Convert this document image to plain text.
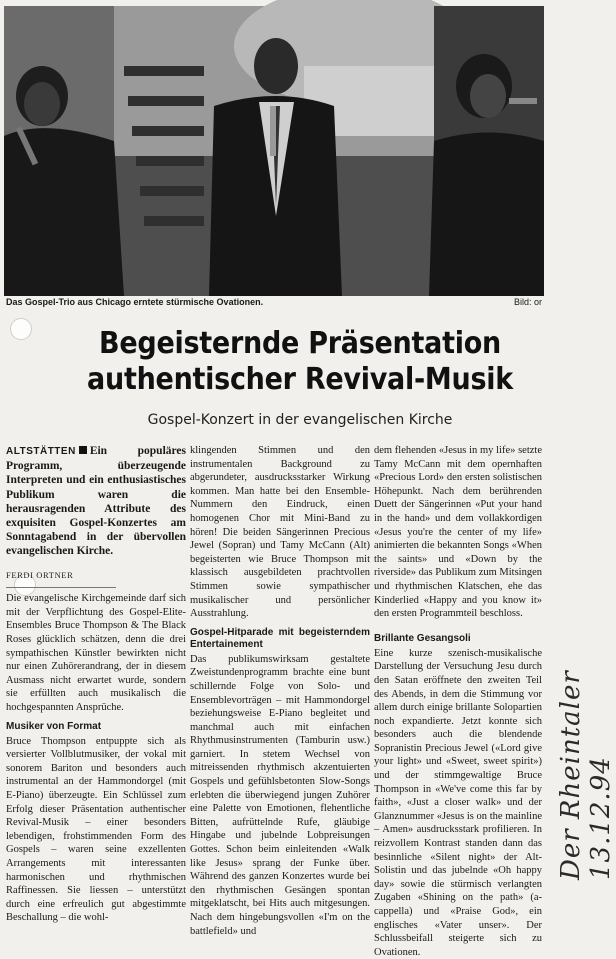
Das Gospel-Trio aus Chicago erntete stürmische Ovationen.	Bild: or
Begeisternde Präsentation
authentischer Revival-Musik
Gospel-Konzert in der evangelischen Kirche

ALTSTÄTTEN Ein populäres Programm, überzeugende Interpreten und ein enthusiastisches Publikum waren die herausragenden Attribute des exquisiten Gospel-Konzertes am Sonntagabend in der übervollen evangelischen Kirche.

FERDI ORTNER

Die evangelische Kirchgemeinde darf sich mit der Verpflichtung des Gospel-Elite-Ensembles Bruce Thompson & The Black Roses glücklich schätzen, denn die drei sympathischen Künstler bewirkten nicht nur einen Zuhörerandrang, der in diesem Ausmass nicht erwartet wurde, sondern sie erfüllten auch musikalisch die hochgespannten Ansprüche.

Musiker von Format

Bruce Thompson entpuppte sich als versierter Vollblutmusiker, der vokal mit sonorem Bariton und besonders auch instrumental an der Hammondorgel (mit E-Piano) überzeugte. Ein Schlüssel zum Erfolg dieser Präsentation authentischer Revival-Musik – einer besonders lebendigen, frohstimmenden Form des Gospels – waren seine exzellenten Arrangements mit interessanten harmonischen und rhythmischen Raffinessen. Sie liessen – unterstützt durch eine erfreulich gut abgestimmte Beschallung – die wohl-

klingenden Stimmen und den instrumentalen Background zu abgerundeter, ausdrucksstarker Wirkung kommen. Man hatte bei den Ensemble-Nummern den Eindruck, einen homogenen Chor mit Mini-Band zu hören! Die beiden Sängerinnen Precious Jewel (Sopran) und Tamy McCann (Alt) begeisterten wie Bruce Thompson mit klassisch ausgebildeten prachtvollen Stimmen sowie sympathischer musikalischer und persönlicher Ausstrahlung.

Gospel-Hitparade mit begeisterndem Entertainement

Das publikumswirksam gestaltete Zweistundenprogramm brachte eine bunt schillernde Folge von Solo- und Ensemblevorträgen – mit Hammondorgel beziehungsweise E-Piano begleitet und manchmal auch mit einfachen Rhythmusinstrumenten (Tamburin usw.) garniert. In stetem Wechsel von mitreissenden rhythmisch akzentuierten Gospels und gefühlsbetonten Slow-Songs erlebten die überwiegend jungen Zuhörer eine Palette von Emotionen, flehentliche Bitten, aufrüttelnde Rufe, gläubige Hingabe und jubelnde Lobpreisungen Gottes. Schon beim einleitenden «Walk like Jesus» sprang der Funke über. Während des ganzen Konzertes wurde bei den rhythmischen Gesängen spontan mitgeklatscht, bei Hits auch mitgesungen. Nach dem hingebungsvollen «I'm on the battlefield» und

dem flehenden «Jesus in my life» setzte Tamy McCann mit dem opernhaften «Precious Lord» den ersten solistischen Höhepunkt. Nach dem berührenden Duett der Sängerinnen «Put your hand in the hand» und dem vollakkordigen «Jesus you're the center of my life» animierten die bekannten Songs «When the saints» und «Down by the riverside» das Publikum zum Mitsingen und rhythmischen Klatschen, ehe das Kinderlied «Happy and you know it» den ersten Programmteil beschloss.

Brillante Gesangsoli

Eine kurze szenisch-musikalische Darstellung der Versuchung Jesu durch den Satan eröffnete den zweiten Teil des Abends, in dem die Stimmung vor allem durch einige brillante Solopartien noch expandierte. Jetzt konnte sich besonders auch die blendende Sopranistin Precious Jewel («Lord give your light» und «Sweet, sweet spirit») und der stimmgewaltige Bruce Thompson in «We've come this far by faith», «Just a closer walk» und der Glanznummer «Jesus is on the mainline – Amen» ausdrucksstark profilieren. In reizvollem Kontrast standen dann das besinnliche «Silent night» der Alt-Solistin und das jubelnde «Oh happy day» sowie die stürmisch verlangten Zugaben «Shining on the path» (a-cappella) und «Praise God», ein englisches «Vater unser». Der Schlussbeifall steigerte sich zu Ovationen.

Der Rheintaler 13.12.94
